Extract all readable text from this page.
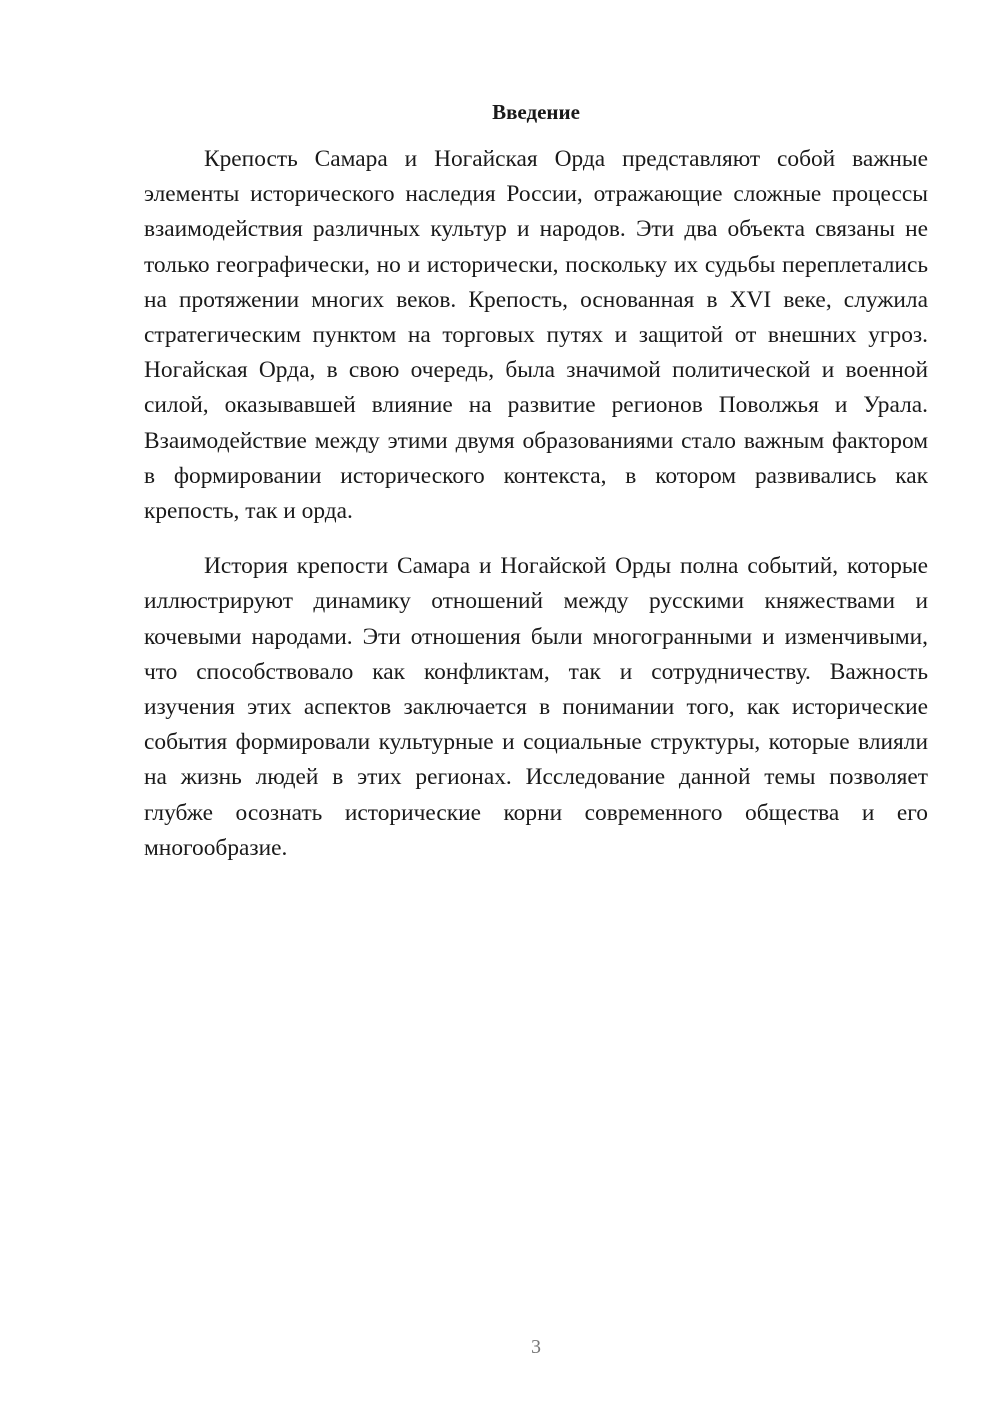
Введение

Крепость Самара и Ногайская Орда представляют собой важные элементы исторического наследия России, отражающие сложные процессы взаимодействия различных культур и народов. Эти два объекта связаны не только географически, но и исторически, поскольку их судьбы переплетались на протяжении многих веков. Крепость, основанная в XVI веке, служила стратегическим пунктом на торговых путях и защитой от внешних угроз. Ногайская Орда, в свою очередь, была значимой политической и военной силой, оказывавшей влияние на развитие регионов Поволжья и Урала. Взаимодействие между этими двумя образованиями стало важным фактором в формировании исторического контекста, в котором развивались как крепость, так и орда.

История крепости Самара и Ногайской Орды полна событий, которые иллюстрируют динамику отношений между русскими княжествами и кочевыми народами. Эти отношения были многогранными и изменчивыми, что способствовало как конфликтам, так и сотрудничеству. Важность изучения этих аспектов заключается в понимании того, как исторические события формировали культурные и социальные структуры, которые влияли на жизнь людей в этих регионах. Исследование данной темы позволяет глубже осознать исторические корни современного общества и его многообразие.

3
